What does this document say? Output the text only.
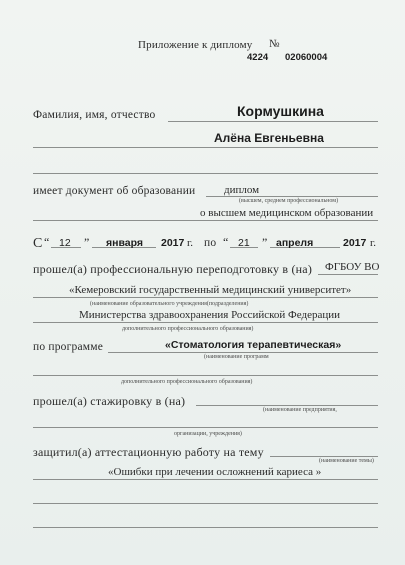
Приложение к диплому №
4224 02060004
Фамилия, имя, отчество	Кормушкина
Алёна Евгеньевна
имеет документ об образовании	диплом
(высшем, среднем профессиональном)
о высшем медицинском образовании
С “ 12 ” января 2017 г. по “ 21 ” апреля	2017 г.
прошел(а) профессиональную переподготовку в (на) ФГБОУ ВО
«Кемеровский государственный медицинский университет»
(наименование образовательного учреждения(подразделения)
Министерства здравоохранения Российской Федерации
дополнительного профессионального образования)
по программе	«Стоматология терапевтическая»
(наименование программ
дополнительного профессионального образования)
прошел(а) стажировку в (на)
(наименование предприятия,
организации, учреждения)
защитил(а) аттестационную работу на тему
(наименование темы)
«Ошибки при лечении осложнений кариеса »
